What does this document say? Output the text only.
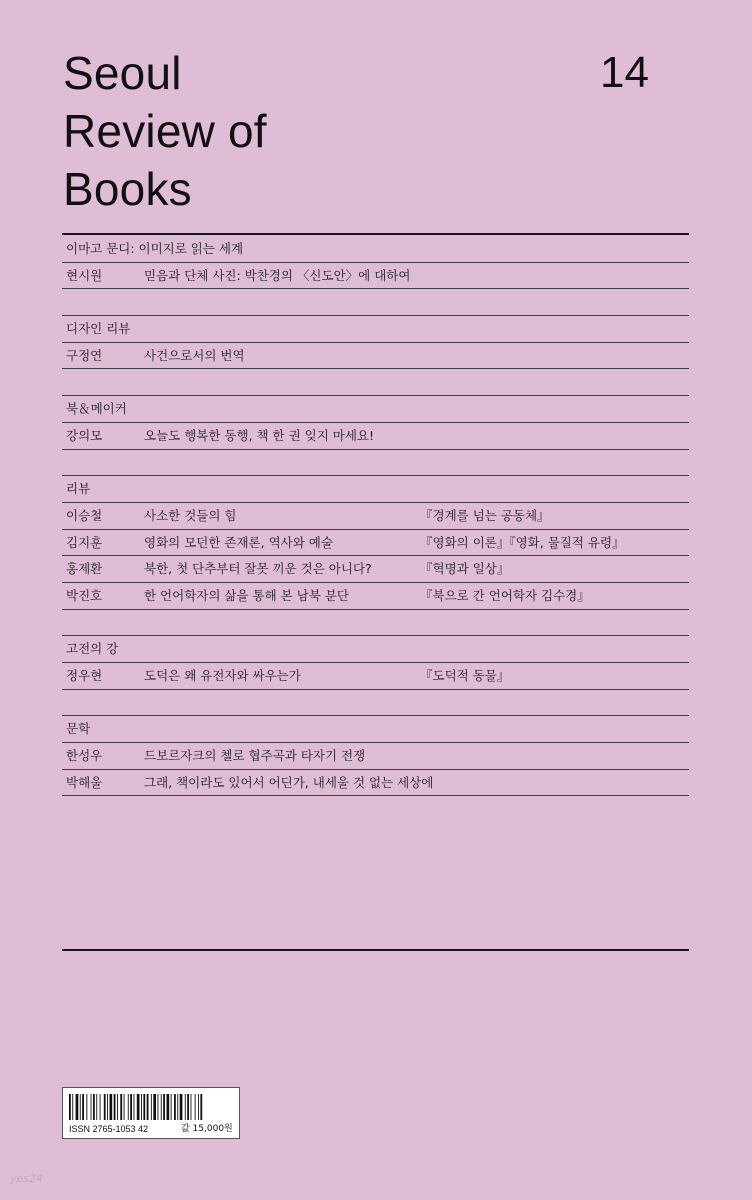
Seoul
Review of
Books
14
이마고 문디: 이미지로 읽는 세계
현시원	믿음과 단체 사진: 박찬경의 〈신도안〉에 대하여
디자인 리뷰
구정연	사건으로서의 번역
북＆메이커
강의모	오늘도 행복한 동행, 책 한 권 잊지 마세요!
리뷰
이승철	사소한 것들의 힘	『경계를 넘는 공동체』
김지훈	영화의 모던한 존재론, 역사와 예술	『영화의 이론』『영화, 물질적 유령』
홍제환	북한, 첫 단추부터 잘못 끼운 것은 아니다?	『혁명과 일상』
박진호	한 언어학자의 삶을 통해 본 남북 분단	『북으로 간 언어학자 김수경』
고전의 강
정우현	도덕은 왜 유전자와 싸우는가	『도덕적 동물』
문학
한성우	드보르자크의 첼로 협주곡과 타자기 전쟁
박해울	그래, 책이라도 있어서 어딘가, 내세울 것 없는 세상에
ISSN 2765-1053 42	값 15,000원
yes24
